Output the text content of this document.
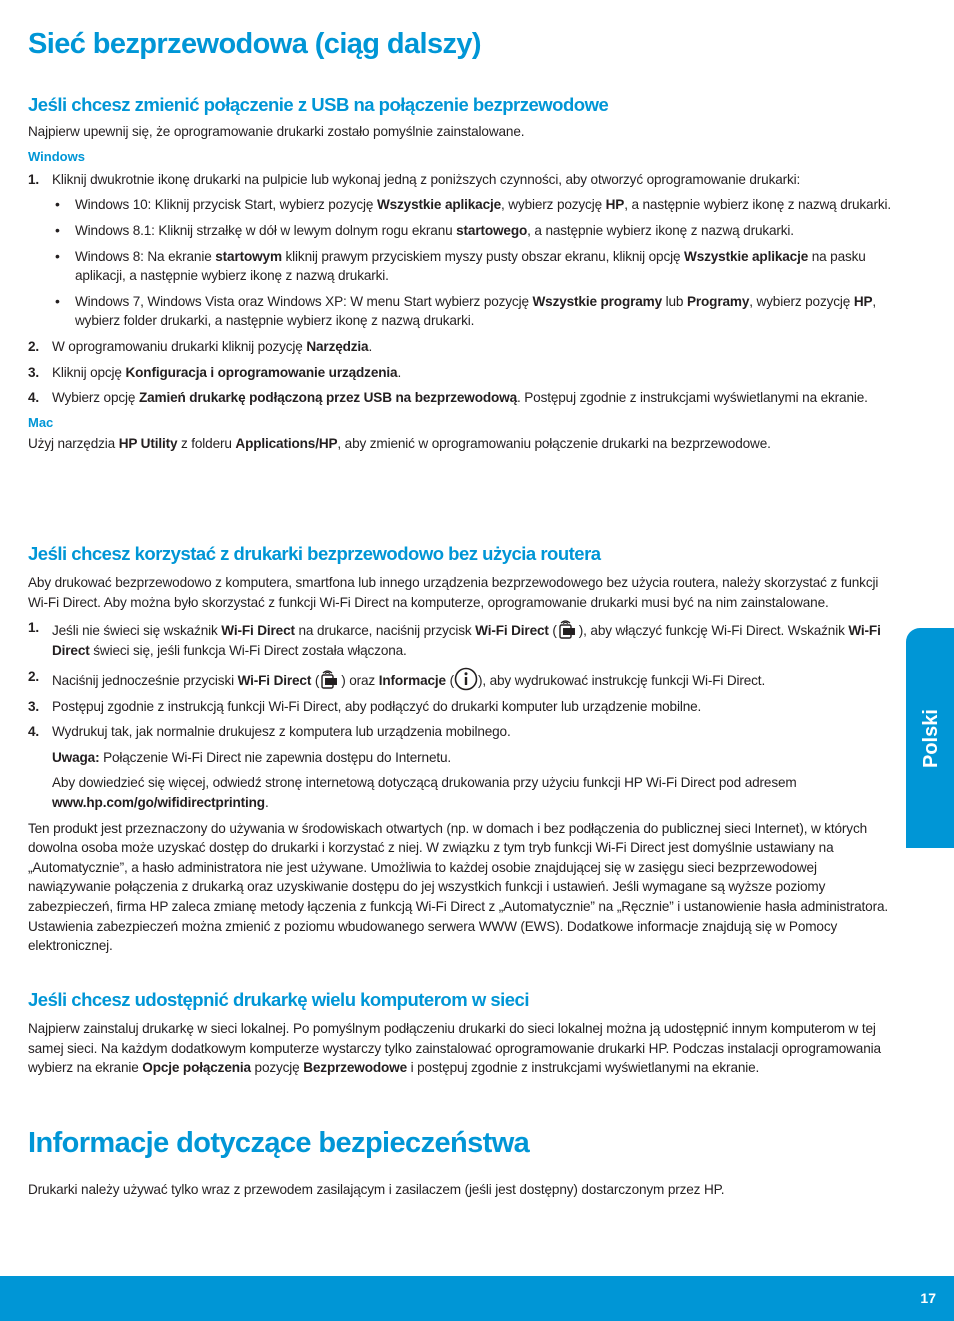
Sieć bezprzewodowa (ciąg dalszy)
Jeśli chcesz zmienić połączenie z USB na połączenie bezprzewodowe

Najpierw upewnij się, że oprogramowanie drukarki zostało pomyślnie zainstalowane.

Windows
1. Kliknij dwukrotnie ikonę drukarki na pulpicie lub wykonaj jedną z poniższych czynności, aby otworzyć oprogramowanie drukarki:
• Windows 10: Kliknij przycisk Start, wybierz pozycję Wszystkie aplikacje, wybierz pozycję HP, a następnie wybierz ikonę z nazwą drukarki.
• Windows 8.1: Kliknij strzałkę w dół w lewym dolnym rogu ekranu startowego, a następnie wybierz ikonę z nazwą drukarki.
• Windows 8: Na ekranie startowym kliknij prawym przyciskiem myszy pusty obszar ekranu, kliknij opcję Wszystkie aplikacje na pasku aplikacji, a następnie wybierz ikonę z nazwą drukarki.
• Windows 7, Windows Vista oraz Windows XP: W menu Start wybierz pozycję Wszystkie programy lub Programy, wybierz pozycję HP, wybierz folder drukarki, a następnie wybierz ikonę z nazwą drukarki.
2. W oprogramowaniu drukarki kliknij pozycję Narzędzia.
3. Kliknij opcję Konfiguracja i oprogramowanie urządzenia.
4. Wybierz opcję Zamień drukarkę podłączoną przez USB na bezprzewodową. Postępuj zgodnie z instrukcjami wyświetlanymi na ekranie.
Mac

Użyj narzędzia HP Utility z folderu Applications/HP, aby zmienić w oprogramowaniu połączenie drukarki na bezprzewodowe.

Jeśli chcesz korzystać z drukarki bezprzewodowo bez użycia routera

Aby drukować bezprzewodowo z komputera, smartfona lub innego urządzenia bezprzewodowego bez użycia routera, należy skorzystać z funkcji Wi-Fi Direct. Aby można było skorzystać z funkcji Wi-Fi Direct na komputerze, oprogramowanie drukarki musi być na nim zainstalowane.

1. Jeśli nie świeci się wskaźnik Wi-Fi Direct na drukarce, naciśnij przycisk Wi-Fi Direct ( ), aby włączyć funkcję Wi-Fi Direct. Wskaźnik Wi-Fi Direct świeci się, jeśli funkcja Wi-Fi Direct została włączona.
2. Naciśnij jednocześnie przyciski Wi-Fi Direct ( ) oraz Informacje ( ), aby wydrukować instrukcję funkcji Wi-Fi Direct.
3. Postępuj zgodnie z instrukcją funkcji Wi-Fi Direct, aby podłączyć do drukarki komputer lub urządzenie mobilne.
4. Wydrukuj tak, jak normalnie drukujesz z komputera lub urządzenia mobilnego.

Uwaga: Połączenie Wi-Fi Direct nie zapewnia dostępu do Internetu.

Aby dowiedzieć się więcej, odwiedź stronę internetową dotyczącą drukowania przy użyciu funkcji HP Wi-Fi Direct pod adresem www.hp.com/go/wifidirectprinting.

Ten produkt jest przeznaczony do używania w środowiskach otwartych (np. w domach i bez podłączenia do publicznej sieci Internet), w których dowolna osoba może uzyskać dostęp do drukarki i korzystać z niej. W związku z tym tryb funkcji Wi-Fi Direct jest domyślnie ustawiany na „Automatycznie”, a hasło administratora nie jest używane. Umożliwia to każdej osobie znajdującej się w zasięgu sieci bezprzewodowej nawiązywanie połączenia z drukarką oraz uzyskiwanie dostępu do jej wszystkich funkcji i ustawień. Jeśli wymagane są wyższe poziomy zabezpieczeń, firma HP zaleca zmianę metody łączenia z funkcją Wi-Fi Direct z „Automatycznie” na „Ręcznie” i ustanowienie hasła administratora. Ustawienia zabezpieczeń można zmienić z poziomu wbudowanego serwera WWW (EWS). Dodatkowe informacje znajdują się w Pomocy elektronicznej.

Jeśli chcesz udostępnić drukarkę wielu komputerom w sieci

Najpierw zainstaluj drukarkę w sieci lokalnej. Po pomyślnym podłączeniu drukarki do sieci lokalnej można ją udostępnić innym komputerom w tej samej sieci. Na każdym dodatkowym komputerze wystarczy tylko zainstalować oprogramowanie drukarki HP. Podczas instalacji oprogramowania wybierz na ekranie Opcje połączenia pozycję Bezprzewodowe i postępuj zgodnie z instrukcjami wyświetlanymi na ekranie.

Informacje dotyczące bezpieczeństwa

Drukarki należy używać tylko wraz z przewodem zasilającym i zasilaczem (jeśli jest dostępny) dostarczonym przez HP.

Polski
17
